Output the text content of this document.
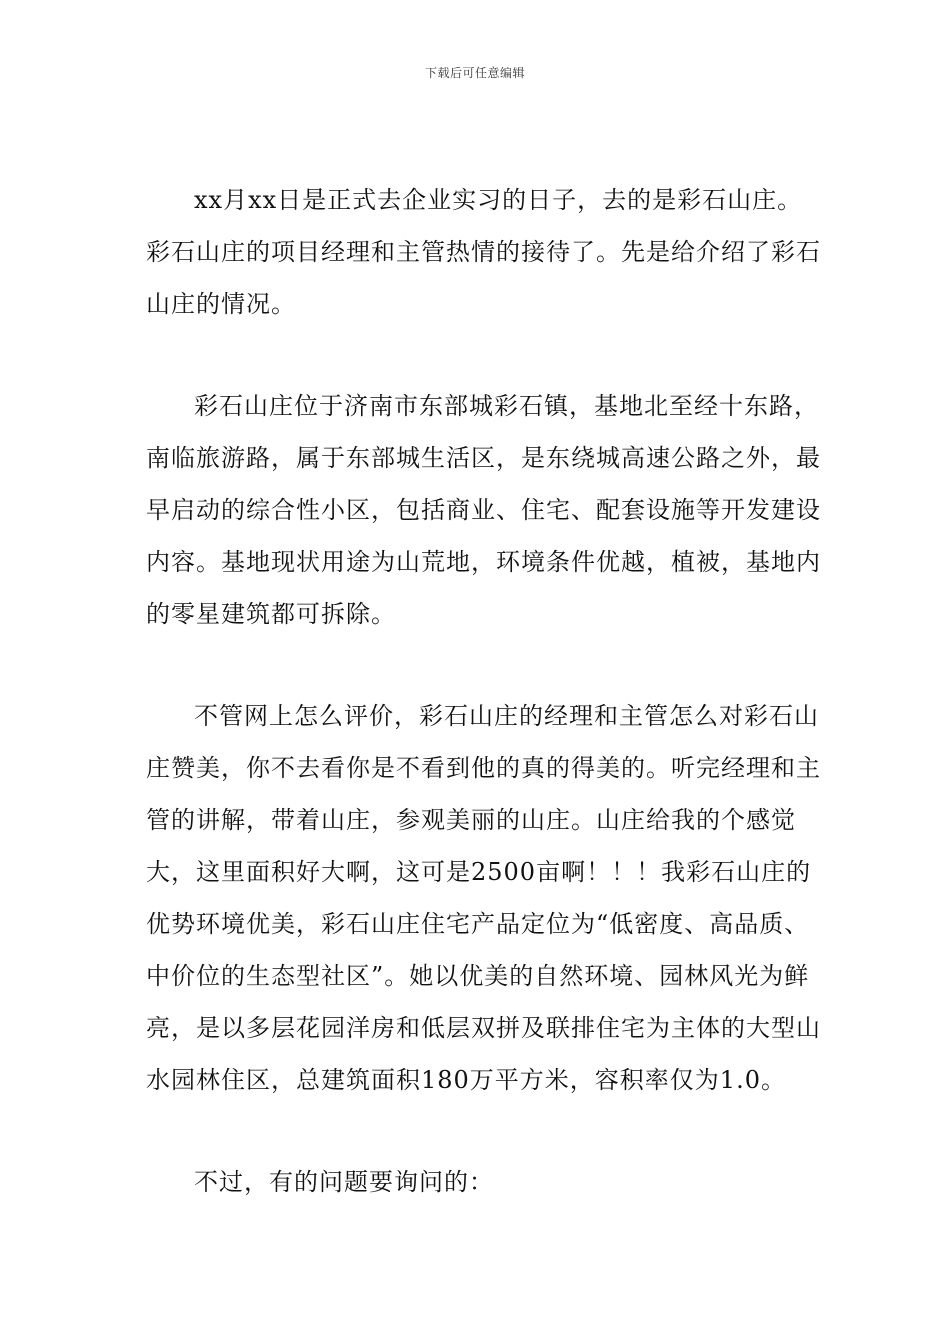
下载后可任意编辑

xx月xx日是正式去企业实习的日子，去的是彩石山庄。彩石山庄的项目经理和主管热情的接待了。先是给介绍了彩石山庄的情况。

彩石山庄位于济南市东部城彩石镇，基地北至经十东路，南临旅游路，属于东部城生活区，是东绕城高速公路之外，最早启动的综合性小区，包括商业、住宅、配套设施等开发建设内容。基地现状用途为山荒地，环境条件优越，植被，基地内的零星建筑都可拆除。

不管网上怎么评价，彩石山庄的经理和主管怎么对彩石山庄赞美，你不去看你是不看到他的真的得美的。听完经理和主管的讲解，带着山庄，参观美丽的山庄。山庄给我的个感觉大，这里面积好大啊，这可是2500亩啊！！！我彩石山庄的优势环境优美，彩石山庄住宅产品定位为“低密度、高品质、中价位的生态型社区”。她以优美的自然环境、园林风光为鲜亮，是以多层花园洋房和低层双拼及联排住宅为主体的大型山水园林住区，总建筑面积180万平方米，容积率仅为1.0。

不过，有的问题要询问的：
